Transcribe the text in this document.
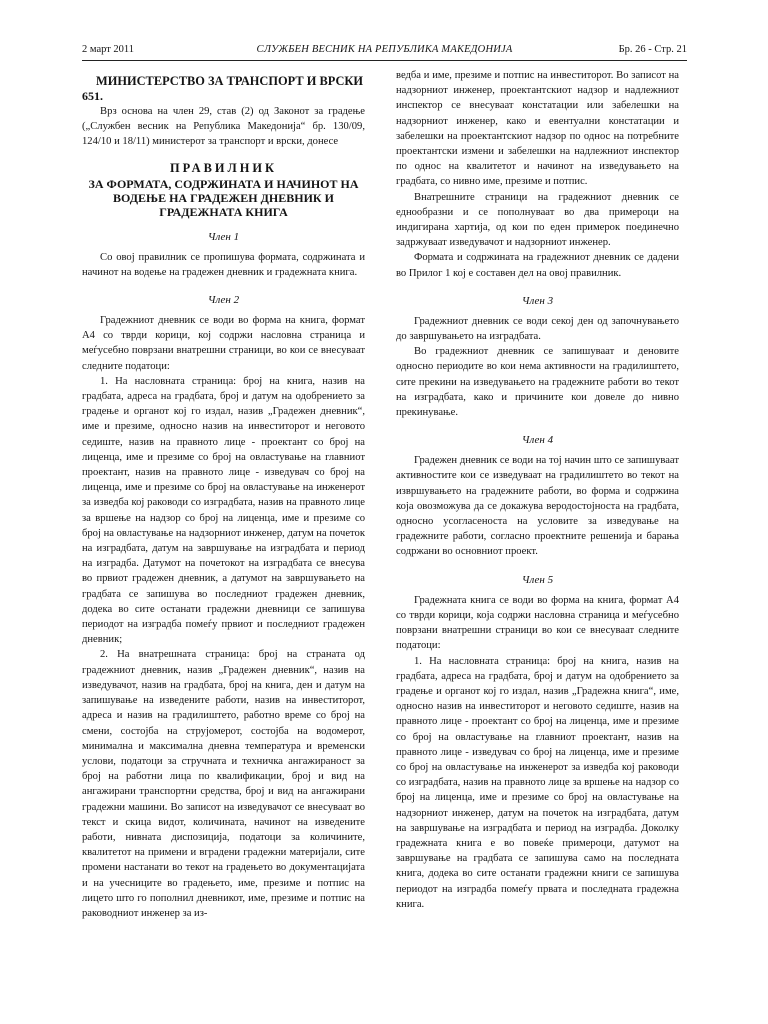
СЛУЖБЕН ВЕСНИК НА РЕПУБЛИКА МАКЕДОНИЈА
2 март 2011	Бр. 26 - Стр. 21

МИНИСТЕРСТВО ЗА ТРАНСПОРТ И ВРСКИ

651.

Врз основа на член 29, став (2) од Законот за градење („Службен весник на Република Македонија“ бр. 130/09, 124/10 и 18/11) министерот за транспорт и врски, донесе

ПРАВИЛНИК

ЗА ФОРМАТА, СОДРЖИНАТА И НАЧИНОТ НА ВОДЕЊЕ НА ГРАДЕЖЕН ДНЕВНИК И ГРАДЕЖНАТА КНИГА

Член 1

Со овој правилник се пропишува формата, содржината и начинот на водење на градежен дневник и градежната книга.

Член 2

Градежниот дневник се води во форма на книга, формат А4 со тврди корици, кој содржи насловна страница и меѓусебно поврзани внатрешни страници, во кои се внесуваат следните податоци:

1. На насловната страница: број на книга, назив на градбата, адреса на градбата, број и датум на одобрението за градење и органот кој го издал, назив „Градежен дневник“, име и презиме, односно назив на инвеститорот и неговото седиште, назив на правното лице - проектант со број на лиценца, име и презиме со број на овластување на главниот проектант, назив на правното лице - изведувач со број на лиценца, име и презиме со број на овластување на инженерот за изведба кој раководи со изградбата, назив на правното лице за вршење на надзор со број на лиценца, име и презиме со број на овластување на надзорниот инженер, датум на почеток на изградбата, датум на завршување на изградбата и период на изградба. Датумот на почетокот на изградбата се внесува во првиот градежен дневник, а датумот на завршувањето на градбата се запишува во последниот градежен дневник, додека во сите останати градежни дневници се запишува периодот на изградба помеѓу првиот и последниот градежен дневник;

2. На внатрешната страница: број на страната од градежниот дневник, назив „Градежен дневник“, назив на изведувачот, назив на градбата, број на книга, ден и датум на запишување на изведените работи, назив на инвеститорот, адреса и назив на градилиштето, работно време со број на смени, состојба на струјомерот, состојба на водомерот, минимална и максимална дневна температура и временски услови, податоци за стручната и техничка ангажираност за број на работни лица по квалификации, број и вид на ангажирани транспортни средства, број и вид на ангажирани градежни машини. Во записот на изведувачот се внесуваат во текст и скица видот, количината, начинот на изведените работи, нивната диспозиција, податоци за количините, квалитетот на примени и вградени градежни материјали, сите промени настанати во текот на градењето во документацијата и на учесниците во градењето, име, презиме и потпис на лицето што го пополнил дневникот, име, презиме и потпис на раководниот инженер за из-

ведба и име, презиме и потпис на инвеститорот. Во записот на надзорниот инженер, проектантскиот надзор и надлежниот инспектор се внесуваат констатации или забелешки на надзорниот инженер, како и евентуални констатации и забелешки на проектантскиот надзор по однос на потребните проектантски измени и забелешки на надлежниот инспектор по однос на квалитетот и начинот на изведувањето на градбата, со нивно име, презиме и потпис.

Внатрешните страници на градежниот дневник се еднообразни и се пополнуваат во два примероци на индигирана хартија, од кои по еден примерок поединечно задржуваат изведувачот и надзорниот инженер.

Формата и содржината на градежниот дневник се дадени во Прилог 1 кој е составен дел на овој правилник.

Член 3

Градежниот дневник се води секој ден од започнувањето до завршувањето на изградбата.

Во градежниот дневник се запишуваат и деновите односно периодите во кои нема активности на градилиштето, сите прекини на изведувањето на градежните работи во текот на изградбата, како и причините кои довеле до нивно прекинување.

Член 4

Градежен дневник се води на тој начин што се запишуваат активностите кои се изведуваат на градилиштето во текот на извршувањето на градежните работи, во форма и содржина која овозможува да се докажува веродостојноста на градбата, односно усогласеноста на условите за изведување на градежните работи, согласно проектните решенија и барања содржани во основниот проект.

Член 5

Градежната книга се води во форма на книга, формат А4 со тврди корици, која содржи насловна страница и меѓусебно поврзани внатрешни страници во кои се внесуваат следните податоци:

1. На насловната страница: број на книга, назив на градбата, адреса на градбата, број и датум на одобрението за градење и органот кој го издал, назив „Градежна книга“, име, односно назив на инвеститорот и неговото седиште, назив на правното лице - проектант со број на лиценца, име и презиме со број на овластување на главниот проектант, назив на правното лице - изведувач со број на лиценца, име и презиме со број на овластување на инженерот за изведба кој раководи со изградбата, назив на правното лице за вршење на надзор со број на лиценца, име и презиме со број на овластување на надзорниот инженер, датум на почеток на изградбата, датум на завршување на изградбата и период на изградба. Доколку градежната книга е во повеќе примероци, датумот на завршување на градбата се запишува само на последната книга, додека во сите останати градежни книги се запишува периодот на изградба помеѓу првата и последната градежна книга.
